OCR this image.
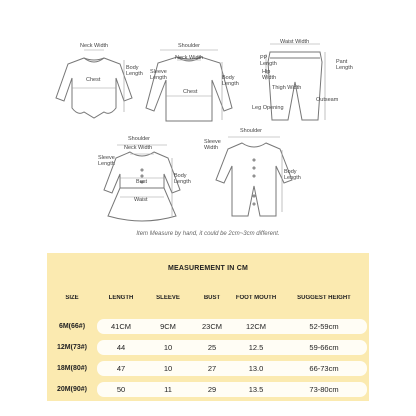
Neck Width
Chest
Body
Length
Shoulder
Neck Width
Sleeve
Length	Body
Length
Chest
Waist Width
PP
Length
Hip
Width
Pant
Length
Thigh Width
Outseam
Leg Opening
Shoulder
Neck Width
Sleeve
Length
Bust
Body
Length
Waist
Sleeve
Width
Shoulder
Body
Length
Item Measure by hand, it could be 2cm~3cm different.
MEASUREMENT IN CM
SIZE	LENGTH	SLEEVE	BUST	FOOT MOUTH	SUGGEST HEIGHT
6M(66#)	41CM	9CM	23CM	12CM	52-59cm
12M(73#)	44	10	25	12.5	59-66cm
18M(80#)	47	10	27	13.0	66-73cm
20M(90#)	50	11	29	13.5	73-80cm
